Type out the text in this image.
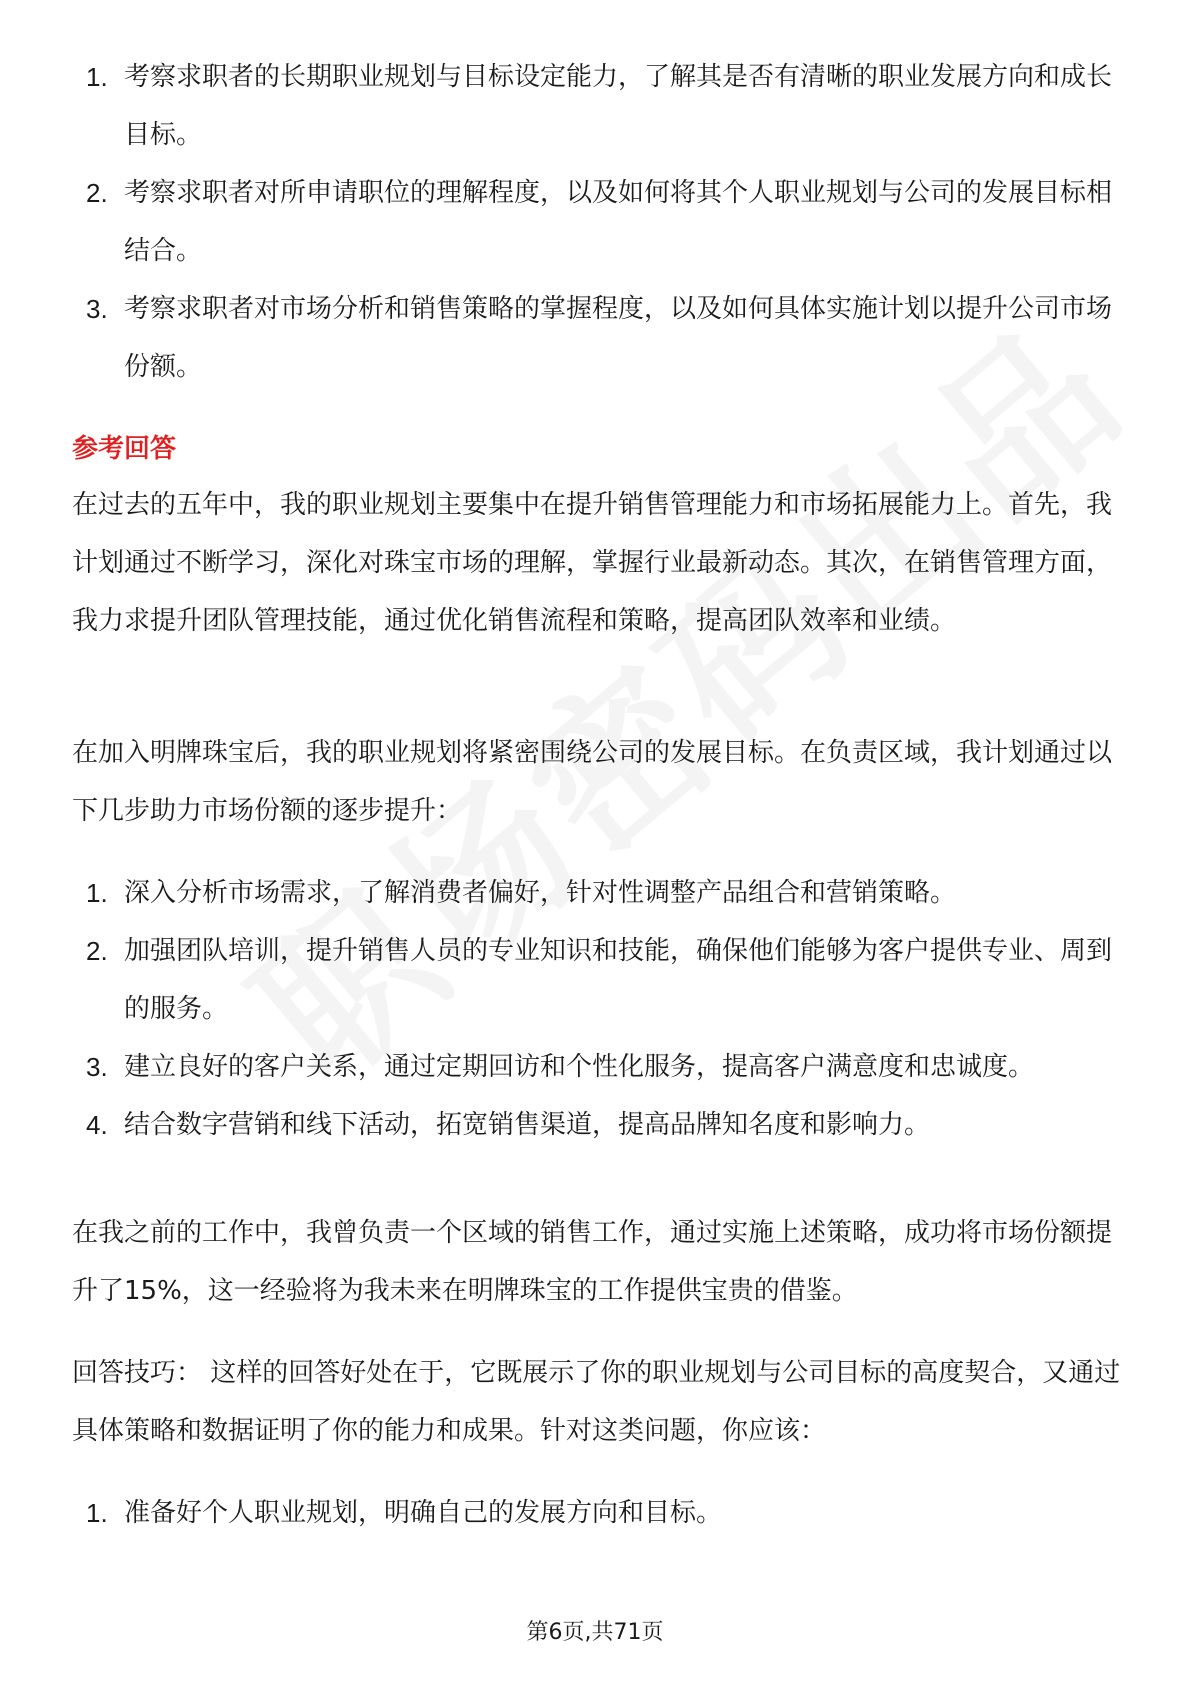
1. 考察求职者的长期职业规划与目标设定能力，了解其是否有清晰的职业发展方向和成长目标。
2. 考察求职者对所申请职位的理解程度，以及如何将其个人职业规划与公司的发展目标相结合。
3. 考察求职者对市场分析和销售策略的掌握程度，以及如何具体实施计划以提升公司市场份额。
参考回答

在过去的五年中，我的职业规划主要集中在提升销售管理能力和市场拓展能力上。首先，我计划通过不断学习，深化对珠宝市场的理解，掌握行业最新动态。其次，在销售管理方面，我力求提升团队管理技能，通过优化销售流程和策略，提高团队效率和业绩。

在加入明牌珠宝后，我的职业规划将紧密围绕公司的发展目标。在负责区域，我计划通过以下几步助力市场份额的逐步提升：

1. 深入分析市场需求，了解消费者偏好，针对性调整产品组合和营销策略。
2. 加强团队培训，提升销售人员的专业知识和技能，确保他们能够为客户提供专业、周到的服务。
3. 建立良好的客户关系，通过定期回访和个性化服务，提高客户满意度和忠诚度。
4. 结合数字营销和线下活动，拓宽销售渠道，提高品牌知名度和影响力。

在我之前的工作中，我曾负责一个区域的销售工作，通过实施上述策略，成功将市场份额提升了15%，这一经验将为我未来在明牌珠宝的工作提供宝贵的借鉴。

回答技巧： 这样的回答好处在于，它既展示了你的职业规划与公司目标的高度契合，又通过具体策略和数据证明了你的能力和成果。针对这类问题，你应该：

1. 准备好个人职业规划，明确自己的发展方向和目标。
第6页,共71页
